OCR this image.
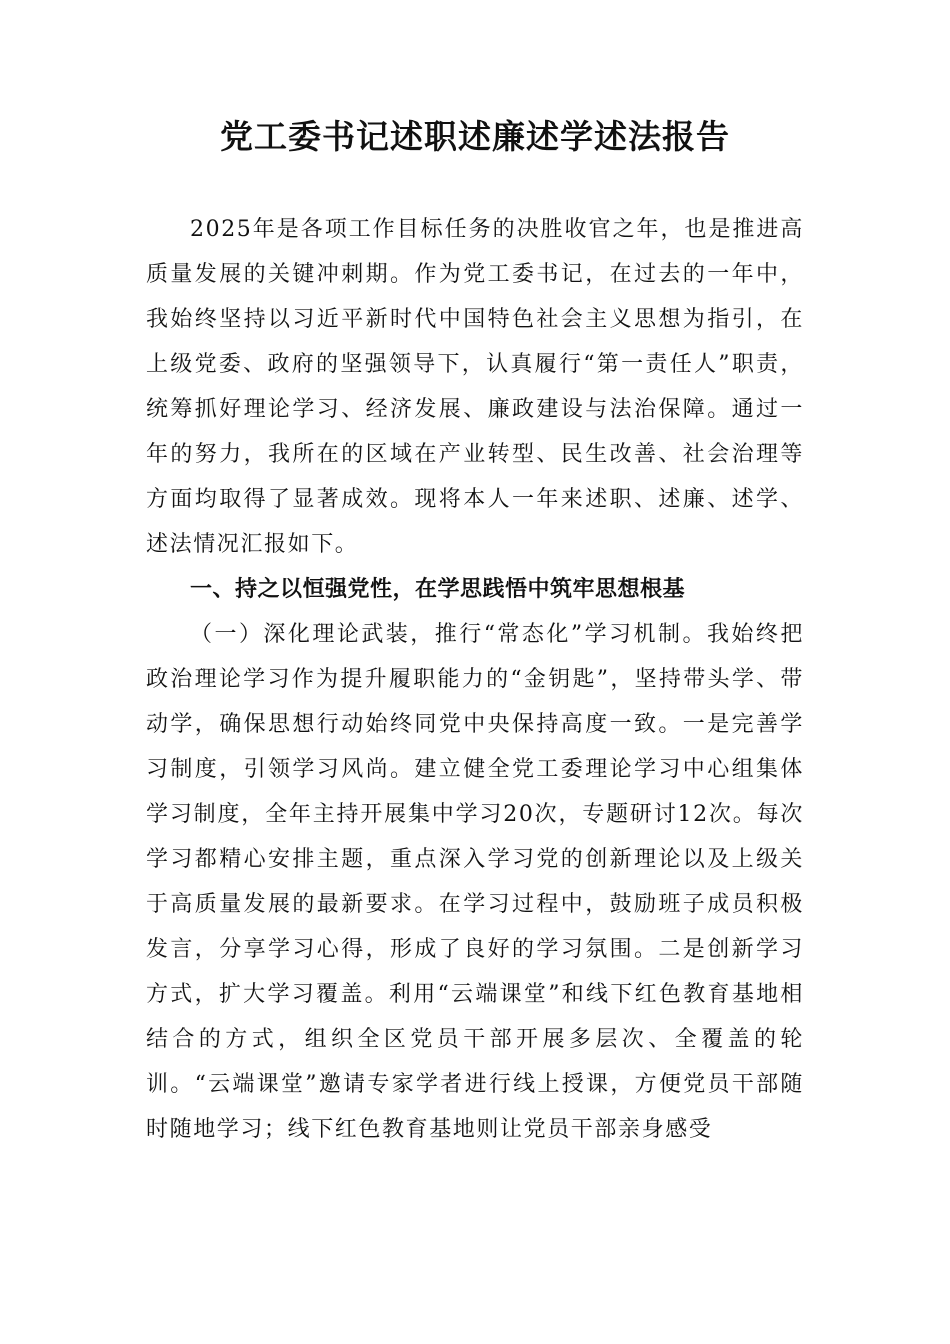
党工委书记述职述廉述学述法报告

2025年是各项工作目标任务的决胜收官之年，也是推进高质量发展的关键冲刺期。作为党工委书记，在过去的一年中，我始终坚持以习近平新时代中国特色社会主义思想为指引，在上级党委、政府的坚强领导下，认真履行“第一责任人”职责，统筹抓好理论学习、经济发展、廉政建设与法治保障。通过一年的努力，我所在的区域在产业转型、民生改善、社会治理等方面均取得了显著成效。现将本人一年来述职、述廉、述学、述法情况汇报如下。

一、持之以恒强党性，在学思践悟中筑牢思想根基

（一）深化理论武装，推行“常态化”学习机制。我始终把政治理论学习作为提升履职能力的“金钥匙”，坚持带头学、带动学，确保思想行动始终同党中央保持高度一致。一是完善学习制度，引领学习风尚。建立健全党工委理论学习中心组集体学习制度，全年主持开展集中学习20次，专题研讨12次。每次学习都精心安排主题，重点深入学习党的创新理论以及上级关于高质量发展的最新要求。在学习过程中，鼓励班子成员积极发言，分享学习心得，形成了良好的学习氛围。二是创新学习方式，扩大学习覆盖。利用“云端课堂”和线下红色教育基地相结合的方式，组织全区党员干部开展多层次、全覆盖的轮训。“云端课堂”邀请专家学者进行线上授课，方便党员干部随时随地学习；线下红色教育基地则让党员干部亲身感受
